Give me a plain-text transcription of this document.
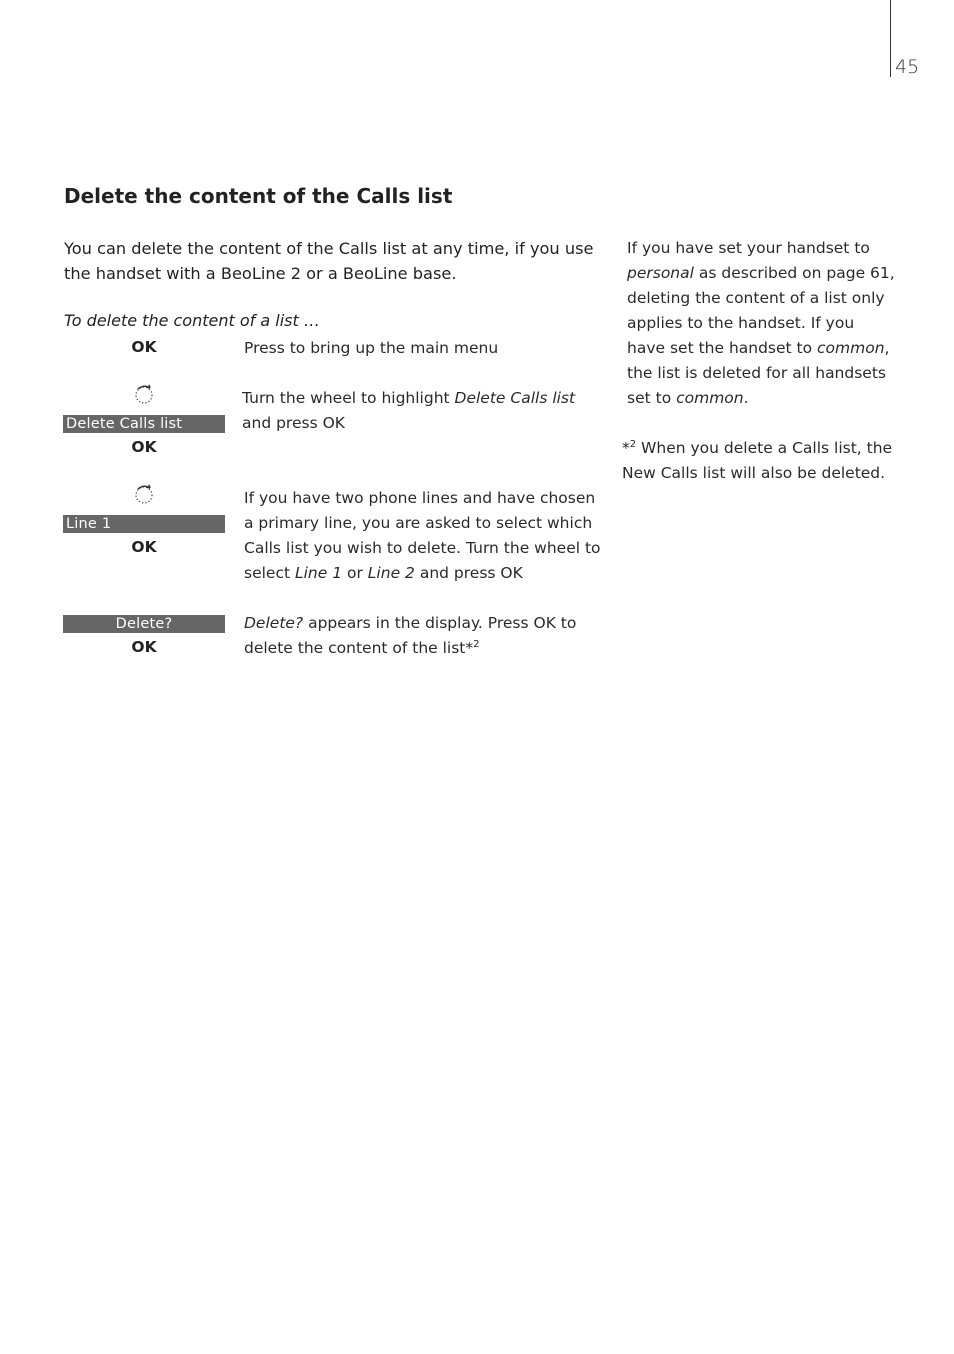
45
Delete the content of the Calls list
You can delete the content of the Calls list at any time, if you use the handset with a BeoLine 2 or a BeoLine base.
To delete the content of a list …
OK	Press to bring up the main menu
Delete Calls list
OK
Turn the wheel to highlight Delete Calls list and press OK
Line 1
OK
If you have two phone lines and have chosen a primary line, you are asked to select which Calls list you wish to delete. Turn the wheel to select Line 1 or Line 2 and press OK
Delete?
OK
Delete? appears in the display. Press OK to delete the content of the list*$^2$
If you have set your handset to personal as described on page 61, deleting the content of a list only applies to the handset. If you have set the handset to common, the list is deleted for all handsets set to common.
*$^2$ When you delete a Calls list, the New Calls list will also be deleted.
